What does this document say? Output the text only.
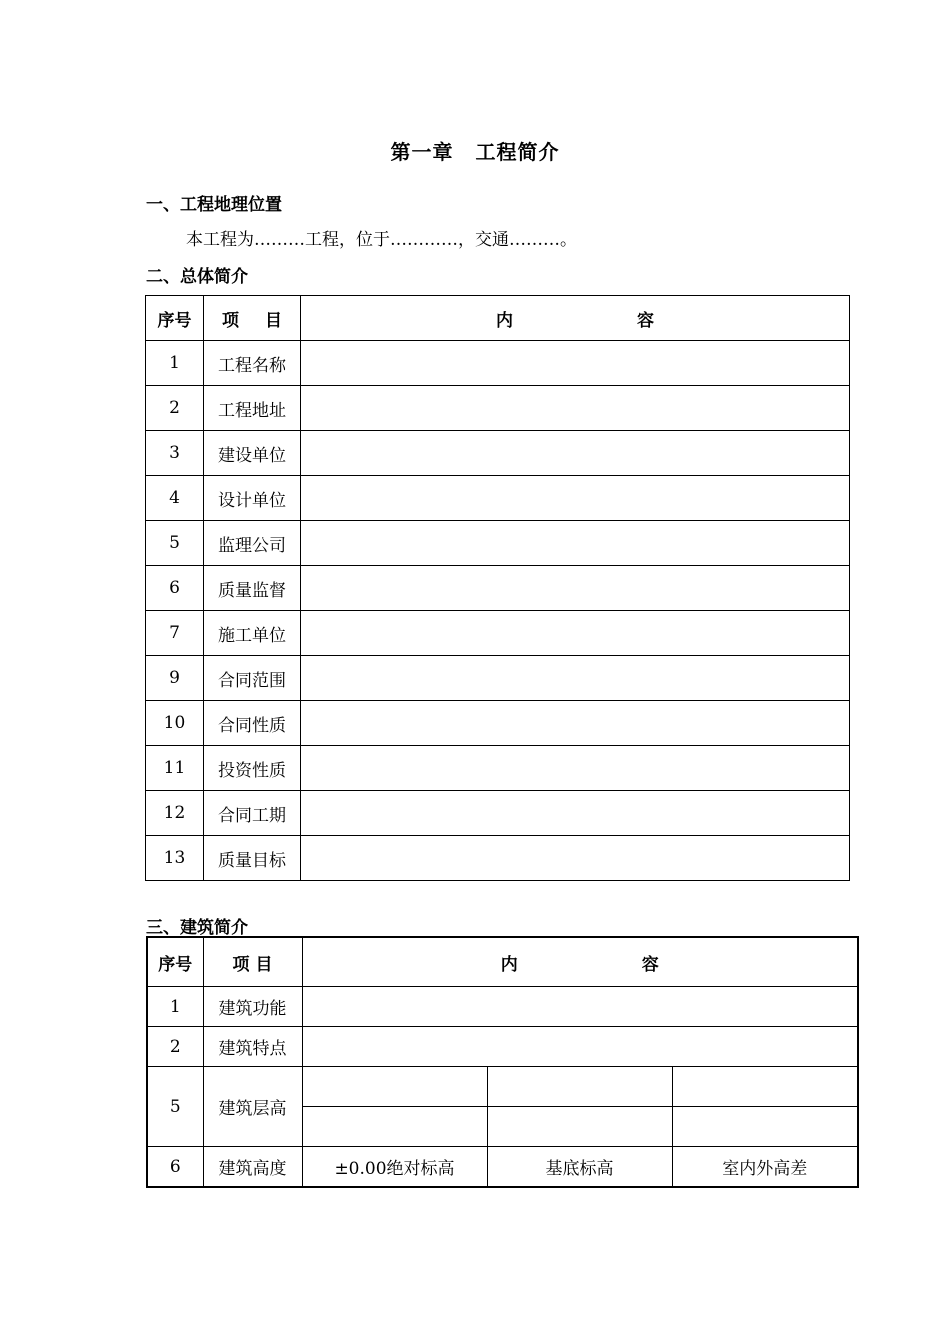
第一章 工程简介
一、工程地理位置
本工程为………工程，位于…………，交通………。
二、总体简介
序号	项 目	内 容
1	工程名称	
2	工程地址	
3	建设单位	
4	设计单位	
5	监理公司	
6	质量监督	
7	施工单位	
9	合同范围	
10	合同性质	
11	投资性质	
12	合同工期	
13	质量目标	
三、建筑简介
序号	项 目	内 容		
1	建筑功能			
2	建筑特点			
5	建筑层高			

6	建筑高度	±0.00绝对标高	基底标高	室内外高差
